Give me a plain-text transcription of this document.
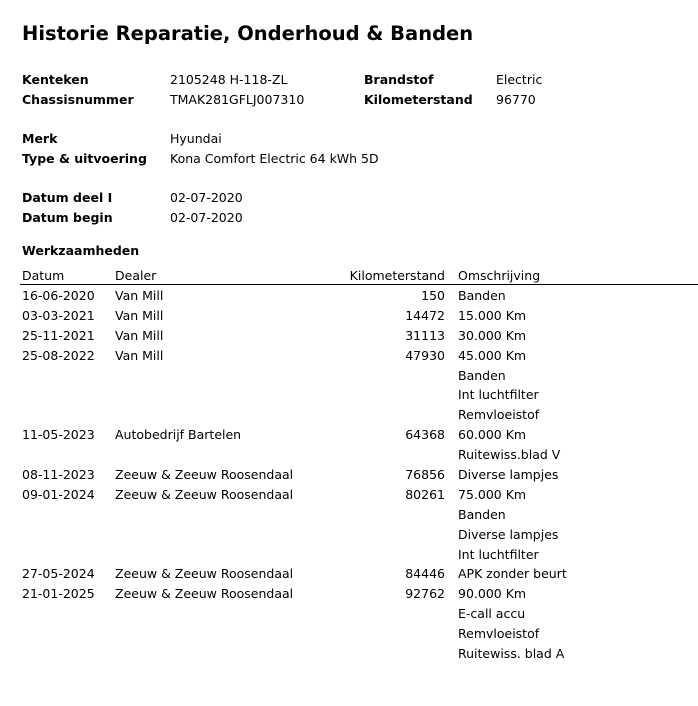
Historie Reparatie, Onderhoud & Banden
Kenteken	2105248 H-118-ZL	Brandstof	Electric
Chassisnummer	TMAK281GFLJ007310	Kilometerstand 96770
Merk	Hyundai
Type & uitvoering Kona Comfort Electric 64 kWh 5D
Datum deel I	02-07-2020
Datum begin	02-07-2020
Werkzaamheden
Datum	Dealer	Kilometerstand Omschrijving
16-06-2020 Van Mill	150 Banden
03-03-2021 Van Mill	14472 15.000 Km
25-11-2021 Van Mill	31113 30.000 Km
25-08-2022 Van Mill	47930 45.000 Km
Banden
Int luchtfilter
Remvloeistof
11-05-2023 Autobedrijf Bartelen	64368 60.000 Km
Ruitewiss.blad V
08-11-2023 Zeeuw & Zeeuw Roosendaal	76856 Diverse lampjes
09-01-2024 Zeeuw & Zeeuw Roosendaal	80261 75.000 Km
Banden
Diverse lampjes
Int luchtfilter
27-05-2024 Zeeuw & Zeeuw Roosendaal	84446 APK zonder beurt
21-01-2025 Zeeuw & Zeeuw Roosendaal	92762 90.000 Km
E-call accu
Remvloeistof
Ruitewiss. blad A
